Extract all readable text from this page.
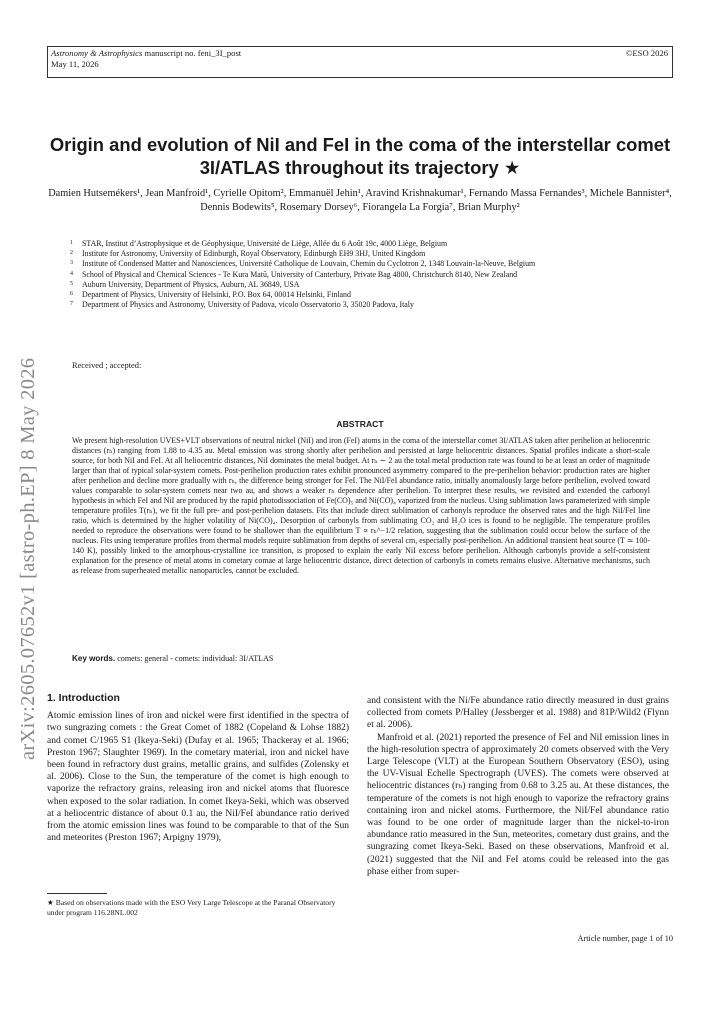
Astronomy & Astrophysics manuscript no. feni_3I_post
May 11, 2026
©ESO 2026
arXiv:2605.07652v1 [astro-ph.EP] 8 May 2026
Origin and evolution of NiI and FeI in the coma of the interstellar comet 3I/ATLAS throughout its trajectory ★
Damien Hutsemékers¹, Jean Manfroid¹, Cyrielle Opitom², Emmanuël Jehin¹, Aravind Krishnakumar¹, Fernando Massa Fernandes³, Michele Bannister⁴, Dennis Bodewits⁵, Rosemary Dorsey⁶, Fiorangela La Forgia⁷, Brian Murphy²
1 STAR, Institut d’Astrophysique et de Géophysique, Université de Liège, Allée du 6 Août 19c, 4000 Liège, Belgium
2 Institute for Astronomy, University of Edinburgh, Royal Observatory, Edinburgh EH9 3HJ, United Kingdom
3 Institute of Condensed Matter and Nanosciences, Université Catholique de Louvain, Chemin du Cyclotron 2, 1348 Louvain-la-Neuve, Belgium
4 School of Physical and Chemical Sciences - Te Kura Matū, University of Canterbury, Private Bag 4800, Christchurch 8140, New Zealand
5 Auburn University, Department of Physics, Auburn, AL 36849, USA
6 Department of Physics, University of Helsinki, P.O. Box 64, 00014 Helsinki, Finland
7 Department of Physics and Astronomy, University of Padova, vicolo Osservatorio 3, 35020 Padova, Italy
Received ; accepted:
ABSTRACT
We present high-resolution UVES+VLT observations of neutral nickel (NiI) and iron (FeI) atoms in the coma of the interstellar comet 3I/ATLAS taken after perihelion at heliocentric distances (rₕ) ranging from 1.88 to 4.35 au. Metal emission was strong shortly after perihelion and persisted at large heliocentric distances. Spatial profiles indicate a short-scale source, for both NiI and FeI. At all heliocentric distances, NiI dominates the metal budget. At rₕ ∼ 2 au the total metal production rate was found to be at least an order of magnitude larger than that of typical solar-system comets. Post-perihelion production rates exhibit pronounced asymmetry compared to the pre-perihelion behavior: production rates are higher after perihelion and decline more gradually with rₕ, the difference being stronger for FeI. The NiI/FeI abundance ratio, initially anomalously large before perihelion, evolved toward values comparable to solar-system comets near two au, and shows a weaker rₕ dependence after perihelion. To interpret these results, we revisited and extended the carbonyl hypothesis in which FeI and NiI are produced by the rapid photodissociation of Fe(CO)₅ and Ni(CO)₄ vaporized from the nucleus. Using sublimation laws parameterized with simple temperature profiles T(rₕ), we fit the full pre- and post-perihelion datasets. Fits that include direct sublimation of carbonyls reproduce the observed rates and the high NiI/FeI line ratio, which is determined by the higher volatility of Ni(CO)₄. Desorption of carbonyls from sublimating CO₂ and H₂O ices is found to be negligible. The temperature profiles needed to reproduce the observations were found to be shallower than the equilibrium T ∝ rₕ^−1/2 relation, suggesting that the sublimation could occur below the surface of the nucleus. Fits using temperature profiles from thermal models require sublimation from depths of several cm, especially post-perihelion. An additional transient heat source (T ≃ 100-140 K), possibly linked to the amorphous-crystalline ice transition, is proposed to explain the early NiI excess before perihelion. Although carbonyls provide a self-consistent explanation for the presence of metal atoms in cometary comae at large heliocentric distance, direct detection of carbonyls in comets remains elusive. Alternative mechanisms, such as release from superheated metallic nanoparticles, cannot be excluded.
Key words. comets: general - comets: individual: 3I/ATLAS
1. Introduction
Atomic emission lines of iron and nickel were first identified in the spectra of two sungrazing comets : the Great Comet of 1882 (Copeland & Lohse 1882) and comet C/1965 S1 (Ikeya-Seki) (Dufay et al. 1965; Thackeray et al. 1966; Preston 1967; Slaughter 1969). In the cometary material, iron and nickel have been found in refractory dust grains, metallic grains, and sulfides (Zolensky et al. 2006). Close to the Sun, the temperature of the comet is high enough to vaporize the refractory grains, releasing iron and nickel atoms that fluoresce when exposed to the solar radiation. In comet Ikeya-Seki, which was observed at a heliocentric distance of about 0.1 au, the NiI/FeI abundance ratio derived from the atomic emission lines was found to be comparable to that of the Sun and meteorites (Preston 1967; Arpigny 1979),
and consistent with the Ni/Fe abundance ratio directly measured in dust grains collected from comets P/Halley (Jessberger et al. 1988) and 81P/Wild2 (Flynn et al. 2006).
Manfroid et al. (2021) reported the presence of FeI and NiI emission lines in the high-resolution spectra of approximately 20 comets observed with the Very Large Telescope (VLT) at the European Southern Observatory (ESO), using the UV-Visual Echelle Spectrograph (UVES). The comets were observed at heliocentric distances (rₕ) ranging from 0.68 to 3.25 au. At these distances, the temperature of the comets is not high enough to vaporize the refractory grains containing iron and nickel atoms. Furthermore, the NiI/FeI abundance ratio was found to be one order of magnitude larger than the nickel-to-iron abundance ratio measured in the Sun, meteorites, cometary dust grains, and the sungrazing comet Ikeya-Seki. Based on these observations, Manfroid et al. (2021) suggested that the NiI and FeI atoms could be released into the gas phase either from super-
★ Based on observations made with the ESO Very Large Telescope at the Paranal Observatory under program 116.28NL.002
Article number, page 1 of 10
